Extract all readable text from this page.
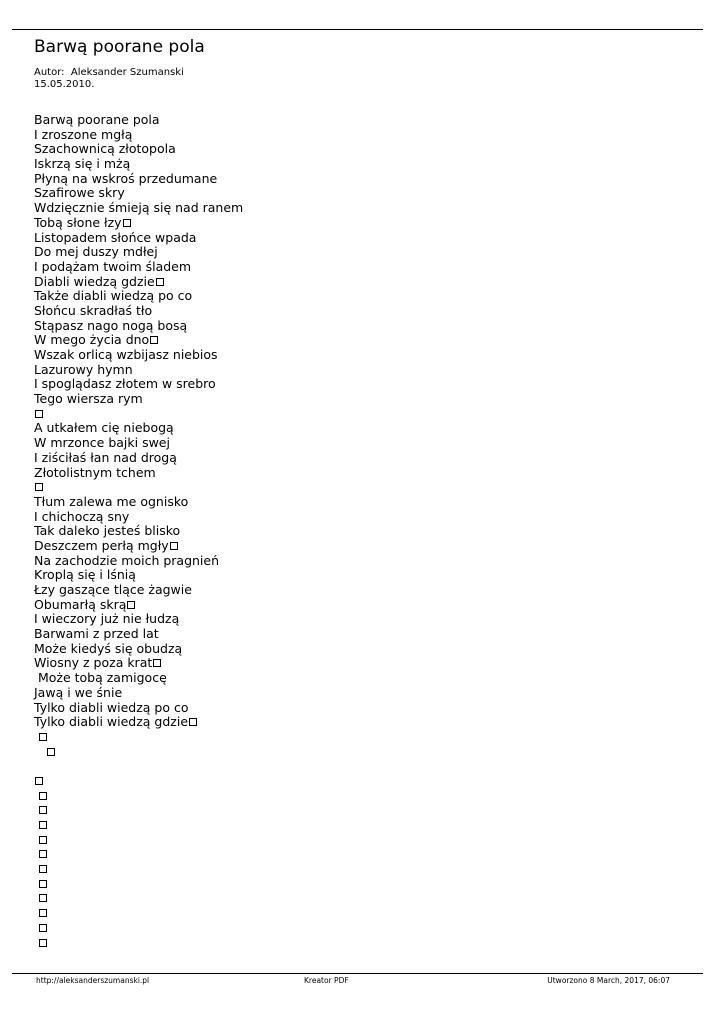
Barwą poorane pola
Autor:  Aleksander Szumanski
15.05.2010.
Barwą poorane pola
I zroszone mgłą
Szachownicą złotopola
Iskrzą się i mżą
Płyną na wskroś przedumane
Szafirowe skry
Wdzięcznie śmieją się nad ranem
Tobą słone łzy
Listopadem słońce wpada
Do mej duszy mdłej
I podążam twoim śladem
Diabli wiedzą gdzie
Także diabli wiedzą po co
Słońcu skradłaś tło
Stąpasz nago nogą bosą
W mego życia dno
Wszak orlicą wzbijasz niebios
Lazurowy hymn
I spoglądasz złotem w srebro
Tego wiersza rym
A utkałem cię niebogą
W mrzonce bajki swej
I ziściłaś łan nad drogą
Złotolistnym tchem
Tłum zalewa me ognisko
I chichoczą sny
Tak daleko jesteś blisko
Deszczem perłą mgły
Na zachodzie moich pragnień
Kroplą się i lśnią
Łzy gaszące tlące żagwie
Obumarłą skrą
I wieczory już nie łudzą
Barwami z przed lat
Może kiedyś się obudzą
Wiosny z poza krat
Może tobą zamigocę
Jawą i we śnie
Tylko diabli wiedzą po co
Tylko diabli wiedzą gdzie

http://aleksanderszumanski.pl	Kreator PDF	Utworzono 8 March, 2017, 06:07
